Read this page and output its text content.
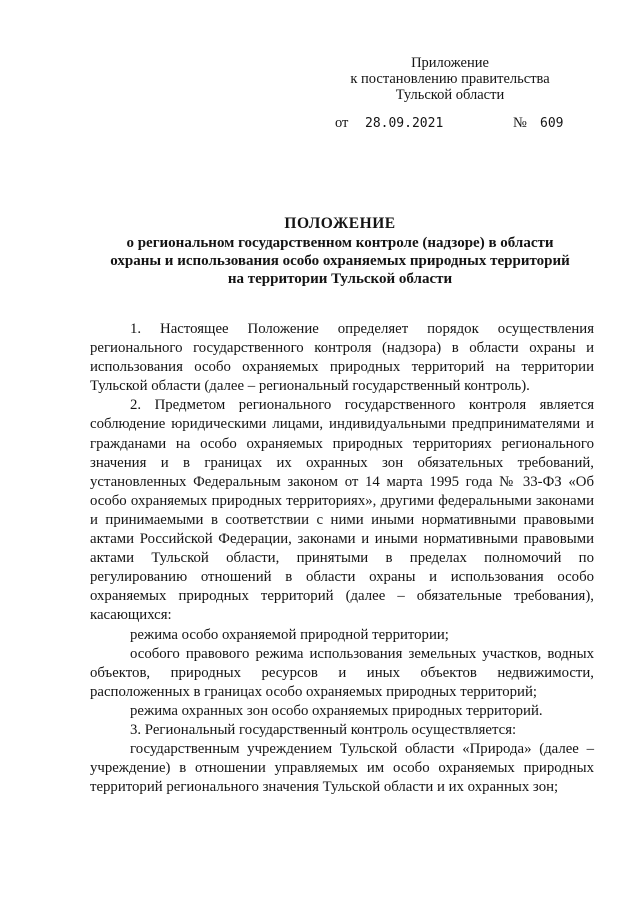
Приложение
к постановлению правительства
Тульской области
от 28.09.2021	№ 609
ПОЛОЖЕНИЕ
о региональном государственном контроле (надзоре) в области
охраны и использования особо охраняемых природных территорий
на территории Тульской области

1. Настоящее Положение определяет порядок осуществления регионального государственного контроля (надзора) в области охраны и использования особо охраняемых природных территорий на территории Тульской области (далее – региональный государственный контроль).

2. Предметом регионального государственного контроля является соблюдение юридическими лицами, индивидуальными предпринимателями и гражданами на особо охраняемых природных территориях регионального значения и в границах их охранных зон обязательных требований, установленных Федеральным законом от 14 марта 1995 года № 33-ФЗ «Об особо охраняемых природных территориях», другими федеральными законами и принимаемыми в соответствии с ними иными нормативными правовыми актами Российской Федерации, законами и иными нормативными правовыми актами Тульской области, принятыми в пределах полномочий по регулированию отношений в области охраны и использования особо охраняемых природных территорий (далее – обязательные требования), касающихся:

режима особо охраняемой природной территории;

особого правового режима использования земельных участков, водных объектов, природных ресурсов и иных объектов недвижимости, расположенных в границах особо охраняемых природных территорий;

режима охранных зон особо охраняемых природных территорий.

3. Региональный государственный контроль осуществляется:

государственным учреждением Тульской области «Природа» (далее – учреждение) в отношении управляемых им особо охраняемых природных территорий регионального значения Тульской области и их охранных зон;
